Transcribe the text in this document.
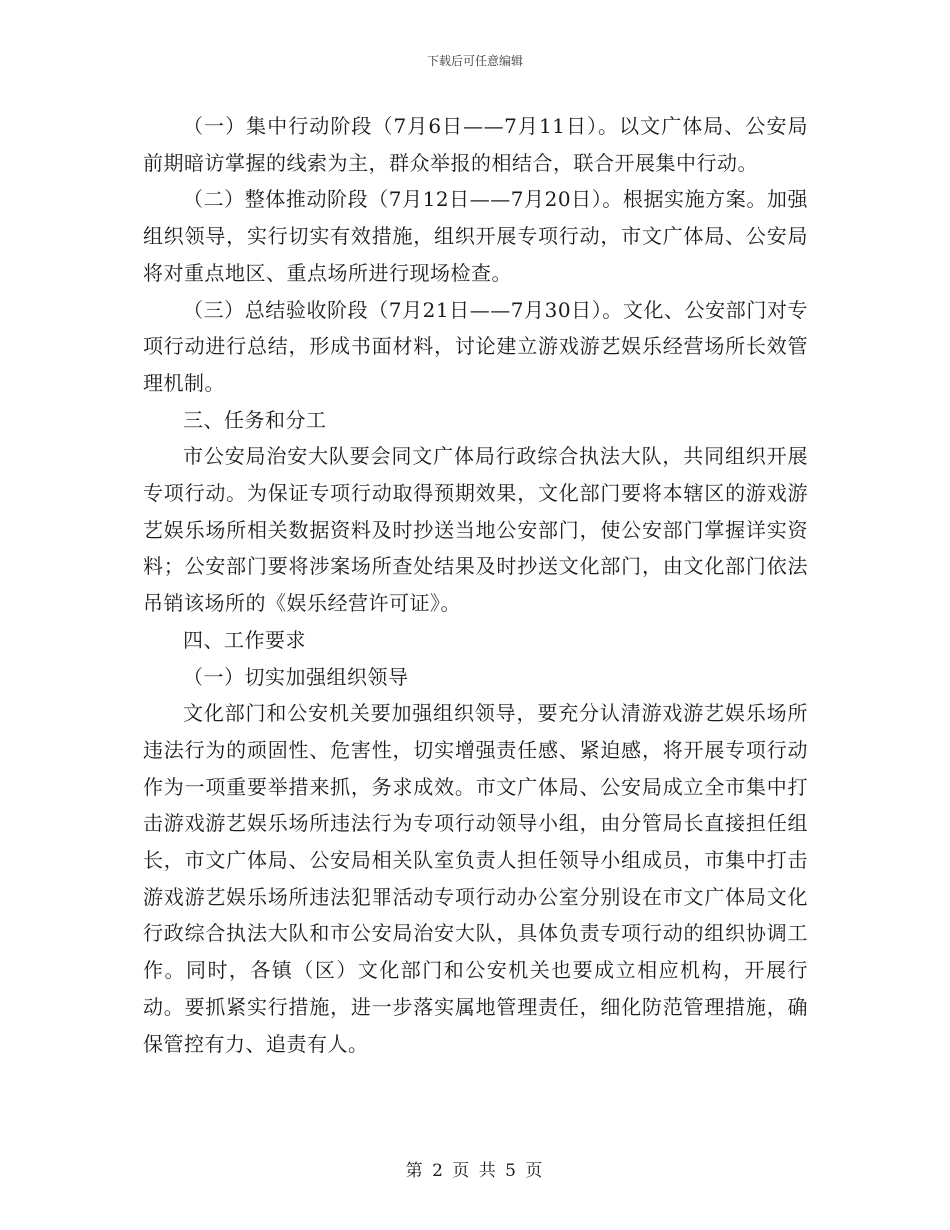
下载后可任意编辑

（一）集中行动阶段（7月6日——7月11日）。以文广体局、公安局前期暗访掌握的线索为主，群众举报的相结合，联合开展集中行动。

（二）整体推动阶段（7月12日——7月20日）。根据实施方案。加强组织领导，实行切实有效措施，组织开展专项行动，市文广体局、公安局将对重点地区、重点场所进行现场检查。

（三）总结验收阶段（7月21日——7月30日）。文化、公安部门对专项行动进行总结，形成书面材料，讨论建立游戏游艺娱乐经营场所长效管理机制。

三、任务和分工

市公安局治安大队要会同文广体局行政综合执法大队，共同组织开展专项行动。为保证专项行动取得预期效果，文化部门要将本辖区的游戏游艺娱乐场所相关数据资料及时抄送当地公安部门，使公安部门掌握详实资料；公安部门要将涉案场所查处结果及时抄送文化部门，由文化部门依法吊销该场所的《娱乐经营许可证》。

四、工作要求

（一）切实加强组织领导

文化部门和公安机关要加强组织领导，要充分认清游戏游艺娱乐场所违法行为的顽固性、危害性，切实增强责任感、紧迫感，将开展专项行动作为一项重要举措来抓，务求成效。市文广体局、公安局成立全市集中打击游戏游艺娱乐场所违法行为专项行动领导小组，由分管局长直接担任组长，市文广体局、公安局相关队室负责人担任领导小组成员，市集中打击游戏游艺娱乐场所违法犯罪活动专项行动办公室分别设在市文广体局文化行政综合执法大队和市公安局治安大队，具体负责专项行动的组织协调工作。同时，各镇（区）文化部门和公安机关也要成立相应机构，开展行动。要抓紧实行措施，进一步落实属地管理责任，细化防范管理措施，确保管控有力、追责有人。

第 2 页 共 5 页
